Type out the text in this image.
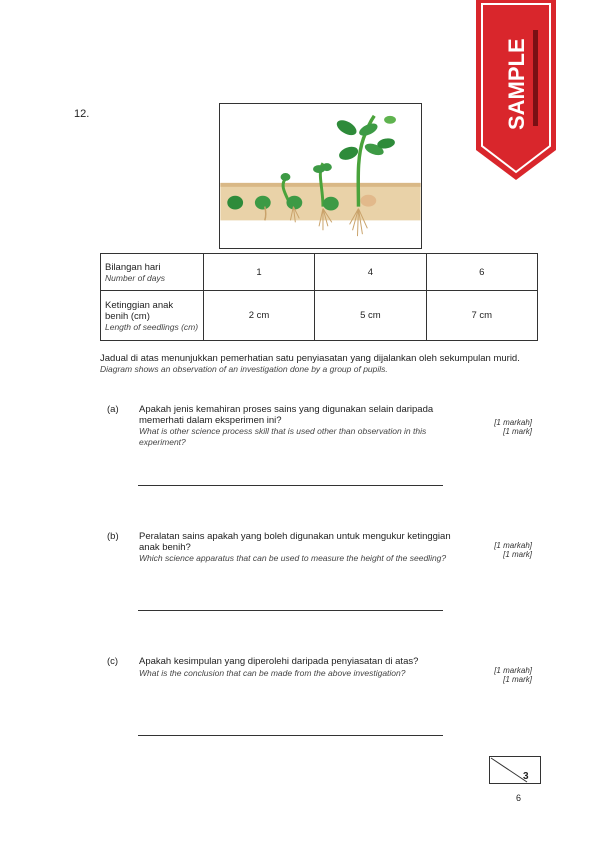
12.	SAMPLE
Bilangan hari
Number of days	1	4	6

Ketinggian anak benih (cm)
Length of seedlings (cm)	2 cm	5 cm	7 cm
Jadual di atas menunjukkan pemerhatian satu penyiasatan yang dijalankan oleh sekumpulan murid.
Diagram shows an observation of an investigation done by a group of pupils.
(a) Apakah jenis kemahiran proses sains yang digunakan selain daripada memerhati dalam eksperimen ini?
What is other science process skill that is used other than observation in this experiment?
[1 markah]
[1 mark]
(b) Peralatan sains apakah yang boleh digunakan untuk mengukur ketinggian anak benih?
Which science apparatus that can be used to measure the height of the seedling?
[1 markah]
[1 mark]
(c) Apakah kesimpulan yang diperolehi daripada penyiasatan di atas?
What is the conclusion that can be made from the above investigation?	[1 markah]
[1 mark]
3
6
